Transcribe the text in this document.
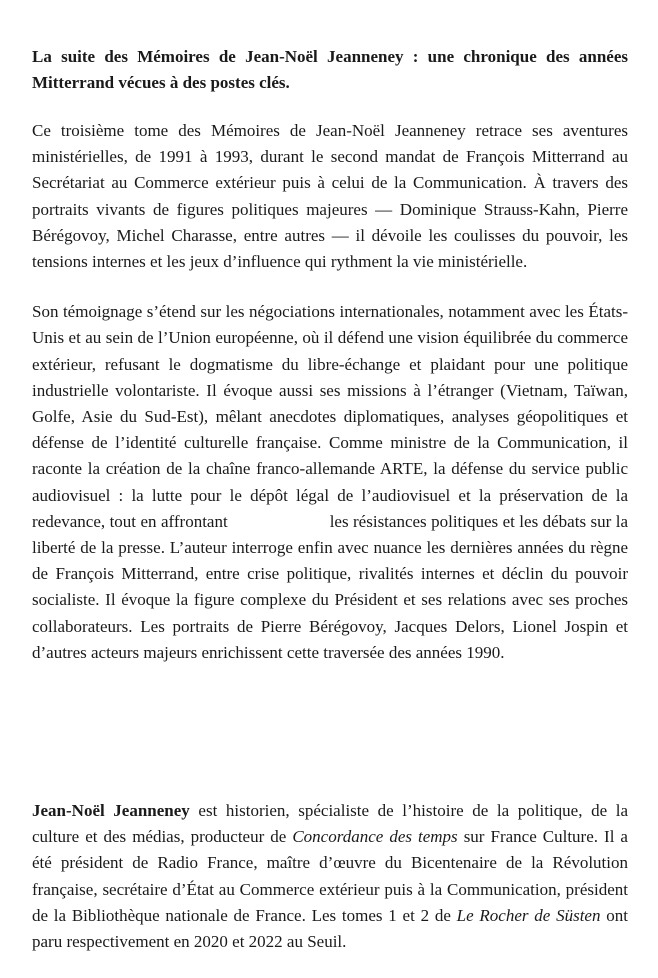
La suite des Mémoires de Jean-Noël Jeanneney : une chronique des années Mitterrand vécues à des postes clés.

Ce troisième tome des Mémoires de Jean-Noël Jeanneney retrace ses aventures ministérielles, de 1991 à 1993, durant le second mandat de François Mitterrand au Secrétariat au Commerce extérieur puis à celui de la Communication. À travers des portraits vivants de figures politiques majeures — Dominique Strauss-Kahn, Pierre Bérégovoy, Michel Charasse, entre autres — il dévoile les coulisses du pouvoir, les tensions internes et les jeux d’influence qui rythment la vie ministérielle.

Son témoignage s’étend sur les négociations internationales, notamment avec les États-Unis et au sein de l’Union européenne, où il défend une vision équilibrée du commerce extérieur, refusant le dogmatisme du libre-échange et plaidant pour une politique industrielle volontariste. Il évoque aussi ses missions à l’étranger (Vietnam, Taïwan, Golfe, Asie du Sud-Est), mêlant anecdotes diplomatiques, analyses géopolitiques et défense de l’identité culturelle française. Comme ministre de la Communication, il raconte la création de la chaîne franco-allemande ARTE, la défense du service public audiovisuel : la lutte pour le dépôt légal de l’audiovisuel et la préservation de la redevance, tout en affrontant	les résistances politiques et les débats sur la liberté de la presse. L’auteur interroge enfin avec nuance les dernières années du règne de François Mitterrand, entre crise politique, rivalités internes et déclin du pouvoir socialiste. Il évoque la figure complexe du Président et ses relations avec ses proches collaborateurs. Les portraits de Pierre Bérégovoy, Jacques Delors, Lionel Jospin et d’autres acteurs majeurs enrichissent cette traversée des années 1990.

Jean-Noël Jeanneney est historien, spécialiste de l’histoire de la politique, de la culture et des médias, producteur de Concordance des temps sur France Culture. Il a été président de Radio France, maître d’œuvre du Bicentenaire de la Révolution française, secrétaire d’État au Commerce extérieur puis à la Communication, président de la Bibliothèque nationale de France. Les tomes 1 et 2 de Le Rocher de Süsten ont paru respectivement en 2020 et 2022 au Seuil.
